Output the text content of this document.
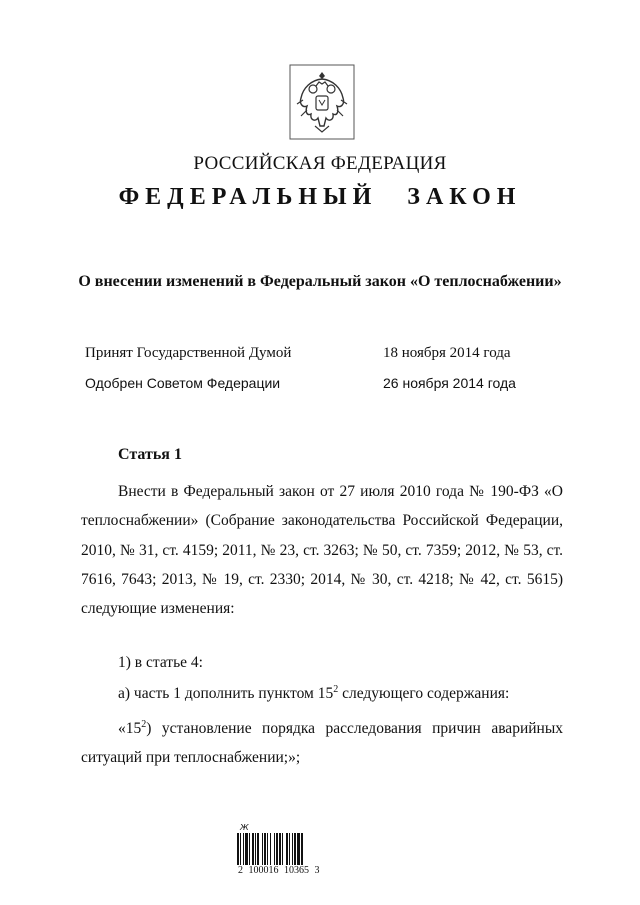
РОССИЙСКАЯ ФЕДЕРАЦИЯ
ФЕДЕРАЛЬНЫЙ ЗАКОН
О внесении изменений в Федеральный закон «О теплоснабжении»
Принят Государственной Думой	18 ноября 2014 года
Одобрен Советом Федерации	26 ноября 2014 года
Статья 1
Внести в Федеральный закон от 27 июля 2010 года № 190-ФЗ «О теплоснабжении» (Собрание законодательства Российской Федерации, 2010, № 31, ст. 4159; 2011, № 23, ст. 3263; № 50, ст. 7359; 2012, № 53, ст. 7616, 7643; 2013, № 19, ст. 2330; 2014, № 30, ст. 4218; № 42, ст. 5615) следующие изменения:
1) в статье 4:
а) часть 1 дополнить пунктом $15^2$ следующего содержания:
«$15^2$) установление порядка расследования причин аварийных ситуаций при теплоснабжении;»;
Ж
2 100016 10365 3
